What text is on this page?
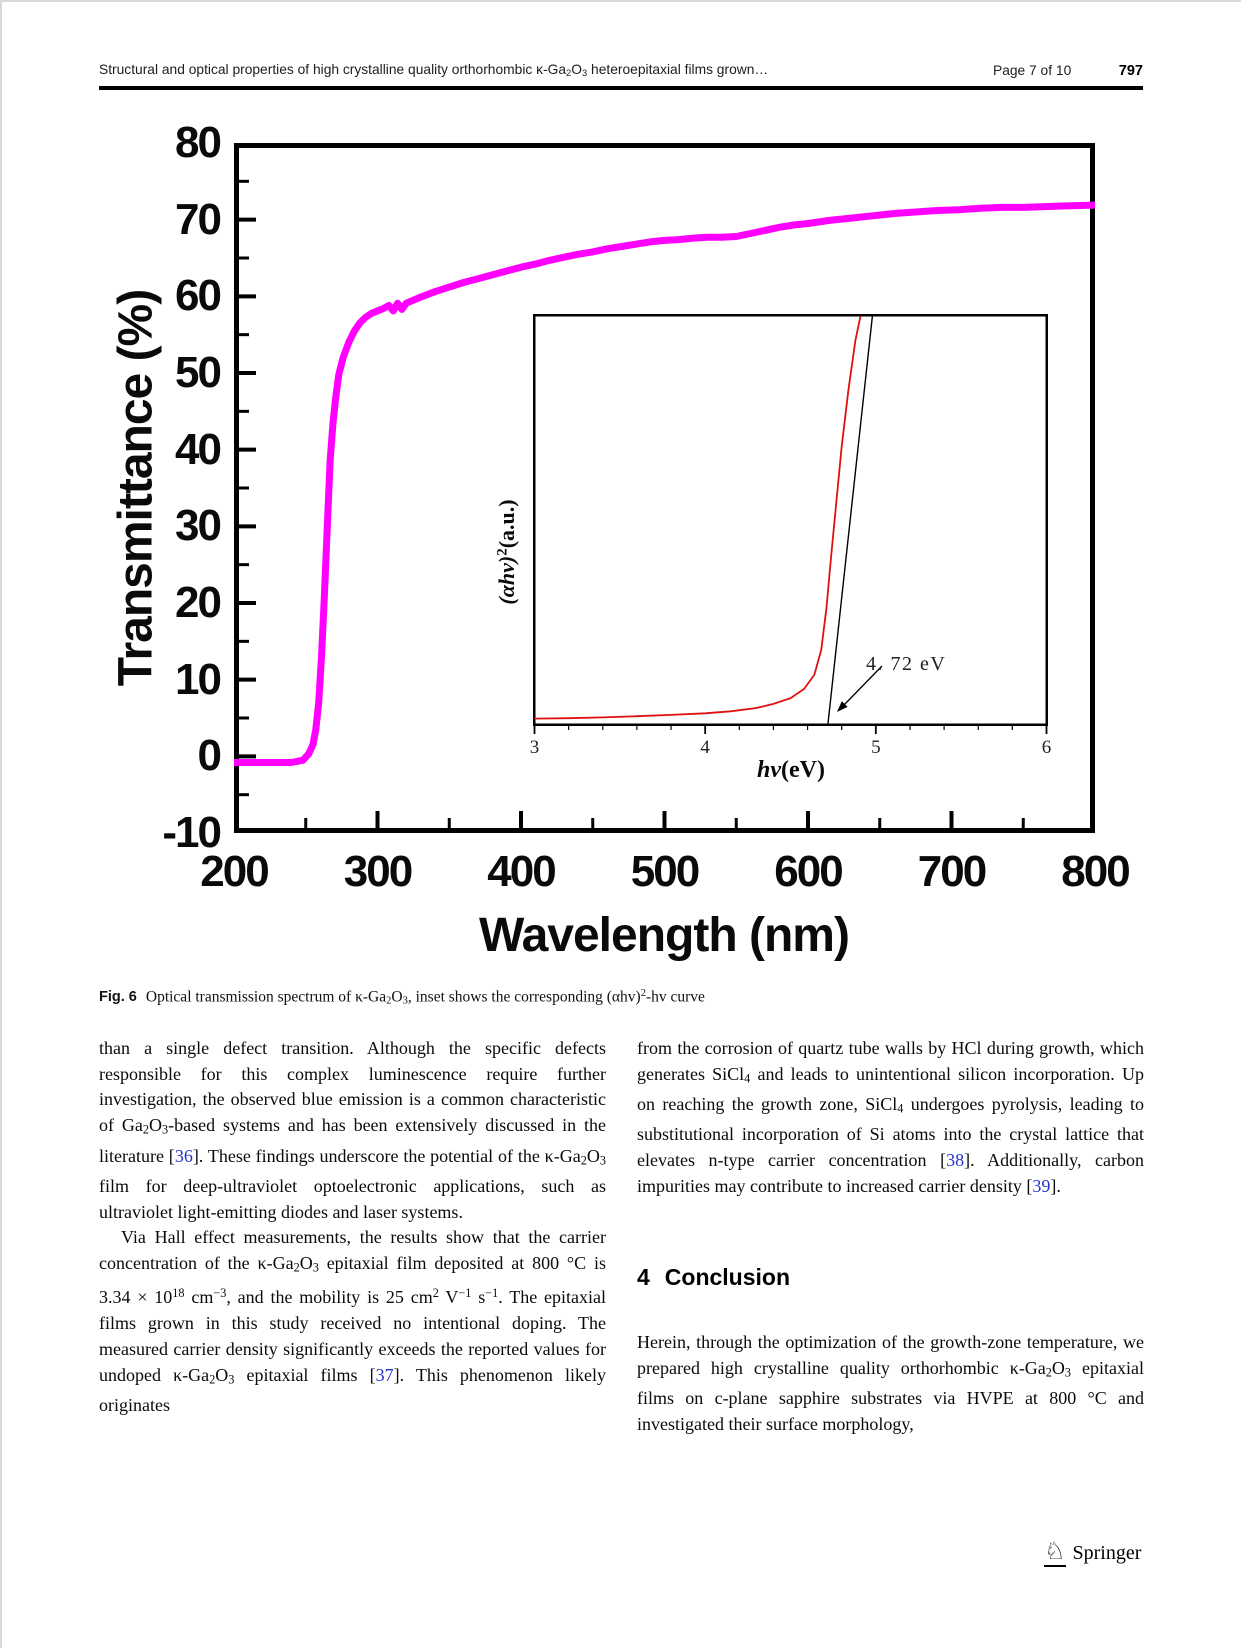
Structural and optical properties of high crystalline quality orthorhombic κ-Ga2O3 heteroepitaxial films grown…	Page 7 of 10	797
Transmittance (%)
-10
0
10
20
30
40
50
60
70
80
200 300 400 500 600 700 800
Wavelength (nm)
$(\alpha hv)^2(a.u.)$
3	4	5	6
hv(eV)
4. 72 eV
Fig. 6 Optical transmission spectrum of κ-Ga2O3, inset shows the corresponding $(\alpha hv)^2-hv$ curve

than a single defect transition. Although the specific defects responsible for this complex luminescence require further investigation, the observed blue emission is a common characteristic of Ga2O3-based systems and has been extensively discussed in the literature [36]. These findings underscore the potential of the κ-Ga2O3 film for deep-ultraviolet optoelectronic applications, such as ultraviolet light-emitting diodes and laser systems.

Via Hall effect measurements, the results show that the carrier concentration of the κ-Ga2O3 epitaxial film deposited at 800 °C is $3.34 \times 10^{18}$ $cm^{-3}$, and the mobility is 25 $cm^2$ $V^{-1}$ $s^{-1}$. The epitaxial films grown in this study received no intentional doping. The measured carrier density significantly exceeds the reported values for undoped κ-Ga2O3 epitaxial films [37]. This phenomenon likely originates

from the corrosion of quartz tube walls by HCl during growth, which generates SiCl4 and leads to unintentional silicon incorporation. Up on reaching the growth zone, SiCl4 undergoes pyrolysis, leading to substitutional incorporation of Si atoms into the crystal lattice that elevates n-type carrier concentration [38]. Additionally, carbon impurities may contribute to increased carrier density [39].

4 Conclusion

Herein, through the optimization of the growth-zone temperature, we prepared high crystalline quality orthorhombic κ-Ga2O3 epitaxial films on c-plane sapphire substrates via HVPE at 800 °C and investigated their surface morphology,

♘ Springer
